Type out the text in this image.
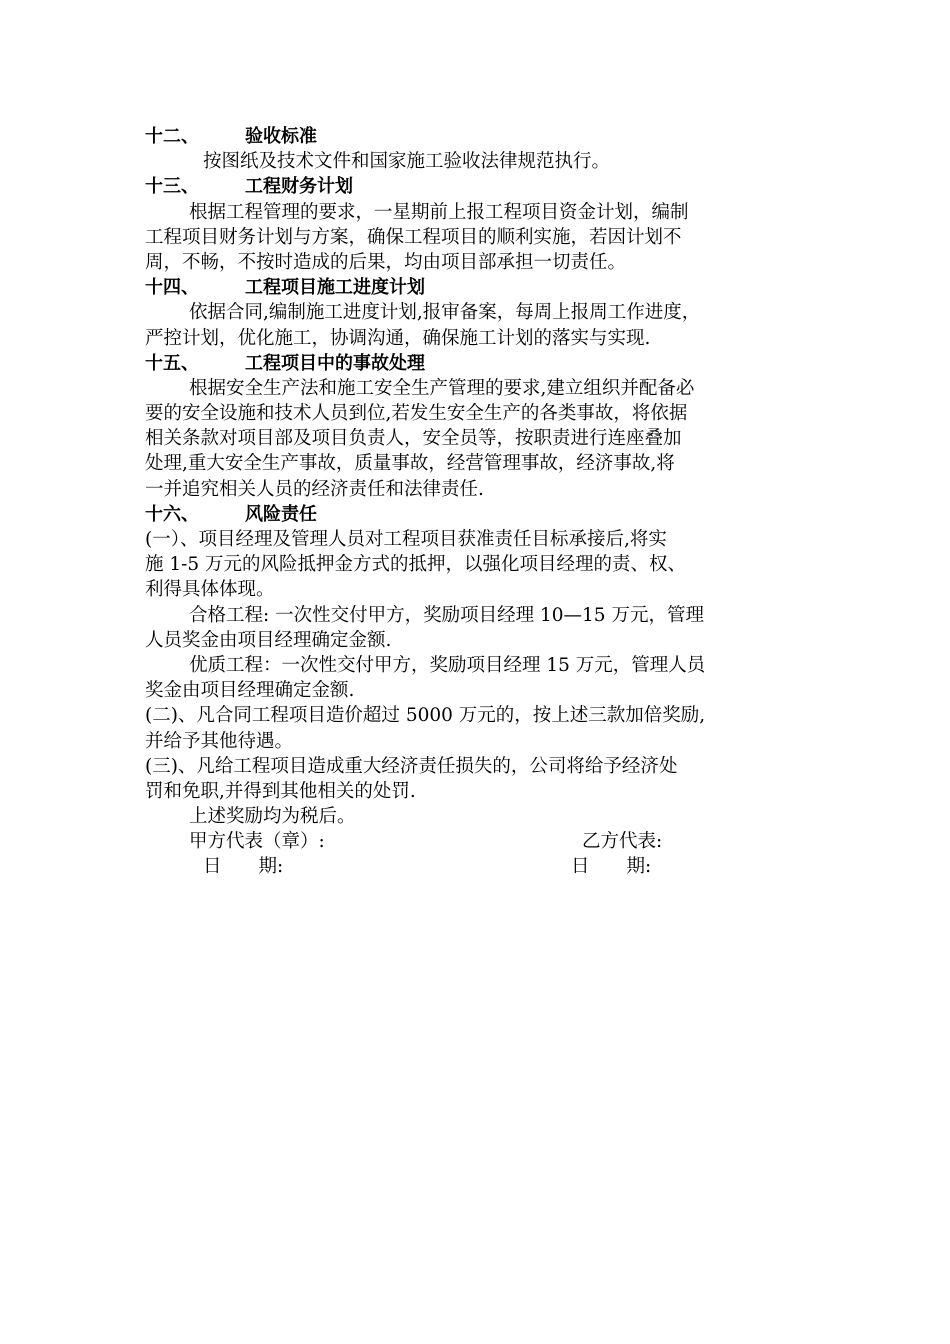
十二、	验收标准
按图纸及技术文件和国家施工验收法律规范执行。
十三、	工程财务计划
根据工程管理的要求，一星期前上报工程项目资金计划，编制
工程项目财务计划与方案，确保工程项目的顺利实施，若因计划不
周，不畅，不按时造成的后果，均由项目部承担一切责任。
十四、	工程项目施工进度计划
依据合同,编制施工进度计划,报审备案，每周上报周工作进度，
严控计划，优化施工，协调沟通，确保施工计划的落实与实现.
十五、	工程项目中的事故处理
根据安全生产法和施工安全生产管理的要求,建立组织并配备必
要的安全设施和技术人员到位,若发生安全生产的各类事故，将依据
相关条款对项目部及项目负责人，安全员等，按职责进行连座叠加
处理,重大安全生产事故，质量事故，经营管理事故，经济事故,将
一并追究相关人员的经济责任和法律责任.
十六、	风险责任
(一）、项目经理及管理人员对工程项目获准责任目标承接后,将实
施 1-5 万元的风险抵押金方式的抵押，以强化项目经理的责、权、
利得具体体现。
合格工程: 一次性交付甲方，奖励项目经理 10—15 万元，管理
人员奖金由项目经理确定金额.
优质工程：一次性交付甲方，奖励项目经理 15 万元，管理人员
奖金由项目经理确定金额.
(二)、凡合同工程项目造价超过 5000 万元的，按上述三款加倍奖励,
并给予其他待遇。
(三)、凡给工程项目造成重大经济责任损失的，公司将给予经济处
罚和免职,并得到其他相关的处罚.
上述奖励均为税后。
甲方代表（章）:	乙方代表:
日　　期:	日　　期:
